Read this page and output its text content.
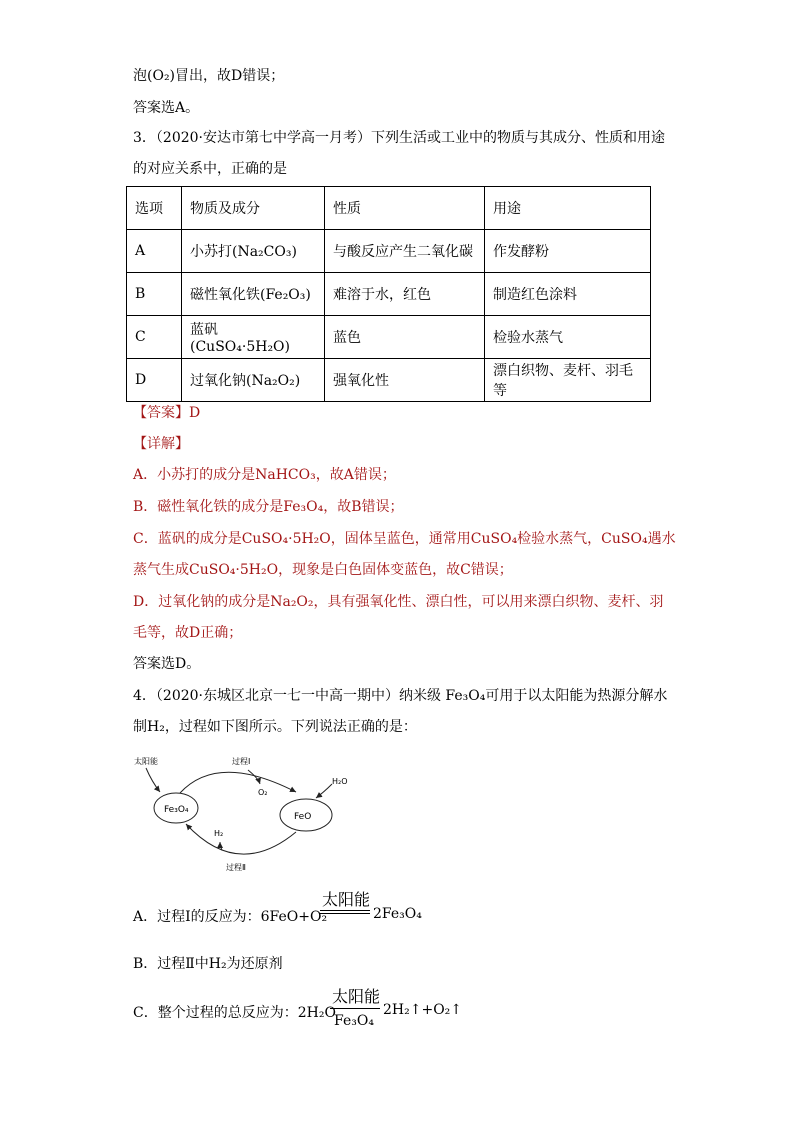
泡(O₂)冒出，故D错误；
答案选A。
3．（2020·安达市第七中学高一月考）下列生活或工业中的物质与其成分、性质和用途
的对应关系中，正确的是
选项	物质及成分	性质	用途
A	小苏打(Na₂CO₃)	与酸反应产生二氧化碳	作发酵粉
B	磁性氧化铁(Fe₂O₃)	难溶于水，红色	制造红色涂料
C	蓝矾(CuSO₄·5H₂O)	蓝色	检验水蒸气
D	过氧化钠(Na₂O₂)	强氧化性	漂白织物、麦杆、羽毛等
【答案】D
【详解】
A．小苏打的成分是NaHCO₃，故A错误；
B．磁性氧化铁的成分是Fe₃O₄，故B错误；
C．蓝矾的成分是CuSO₄·5H₂O，固体呈蓝色，通常用CuSO₄检验水蒸气，CuSO₄遇水
蒸气生成CuSO₄·5H₂O，现象是白色固体变蓝色，故C错误；
D．过氧化钠的成分是Na₂O₂，具有强氧化性、漂白性，可以用来漂白织物、麦杆、羽
毛等，故D正确；
答案选D。
4．（2020·东城区北京一七一中高一期中）纳米级 Fe₃O₄可用于以太阳能为热源分解水
制H₂，过程如下图所示。下列说法正确的是：
太阳能
Fe₃O₄
FeO
过程Ⅰ
O₂
H₂O
H₂
过程Ⅱ
A．过程Ⅰ的反应为：6FeO+O₂
太阳能
2Fe₃O₄
B．过程Ⅱ中H₂为还原剂
C．整个过程的总反应为：2H₂O
太阳能
Fe₃O₄
2H₂↑+O₂↑
